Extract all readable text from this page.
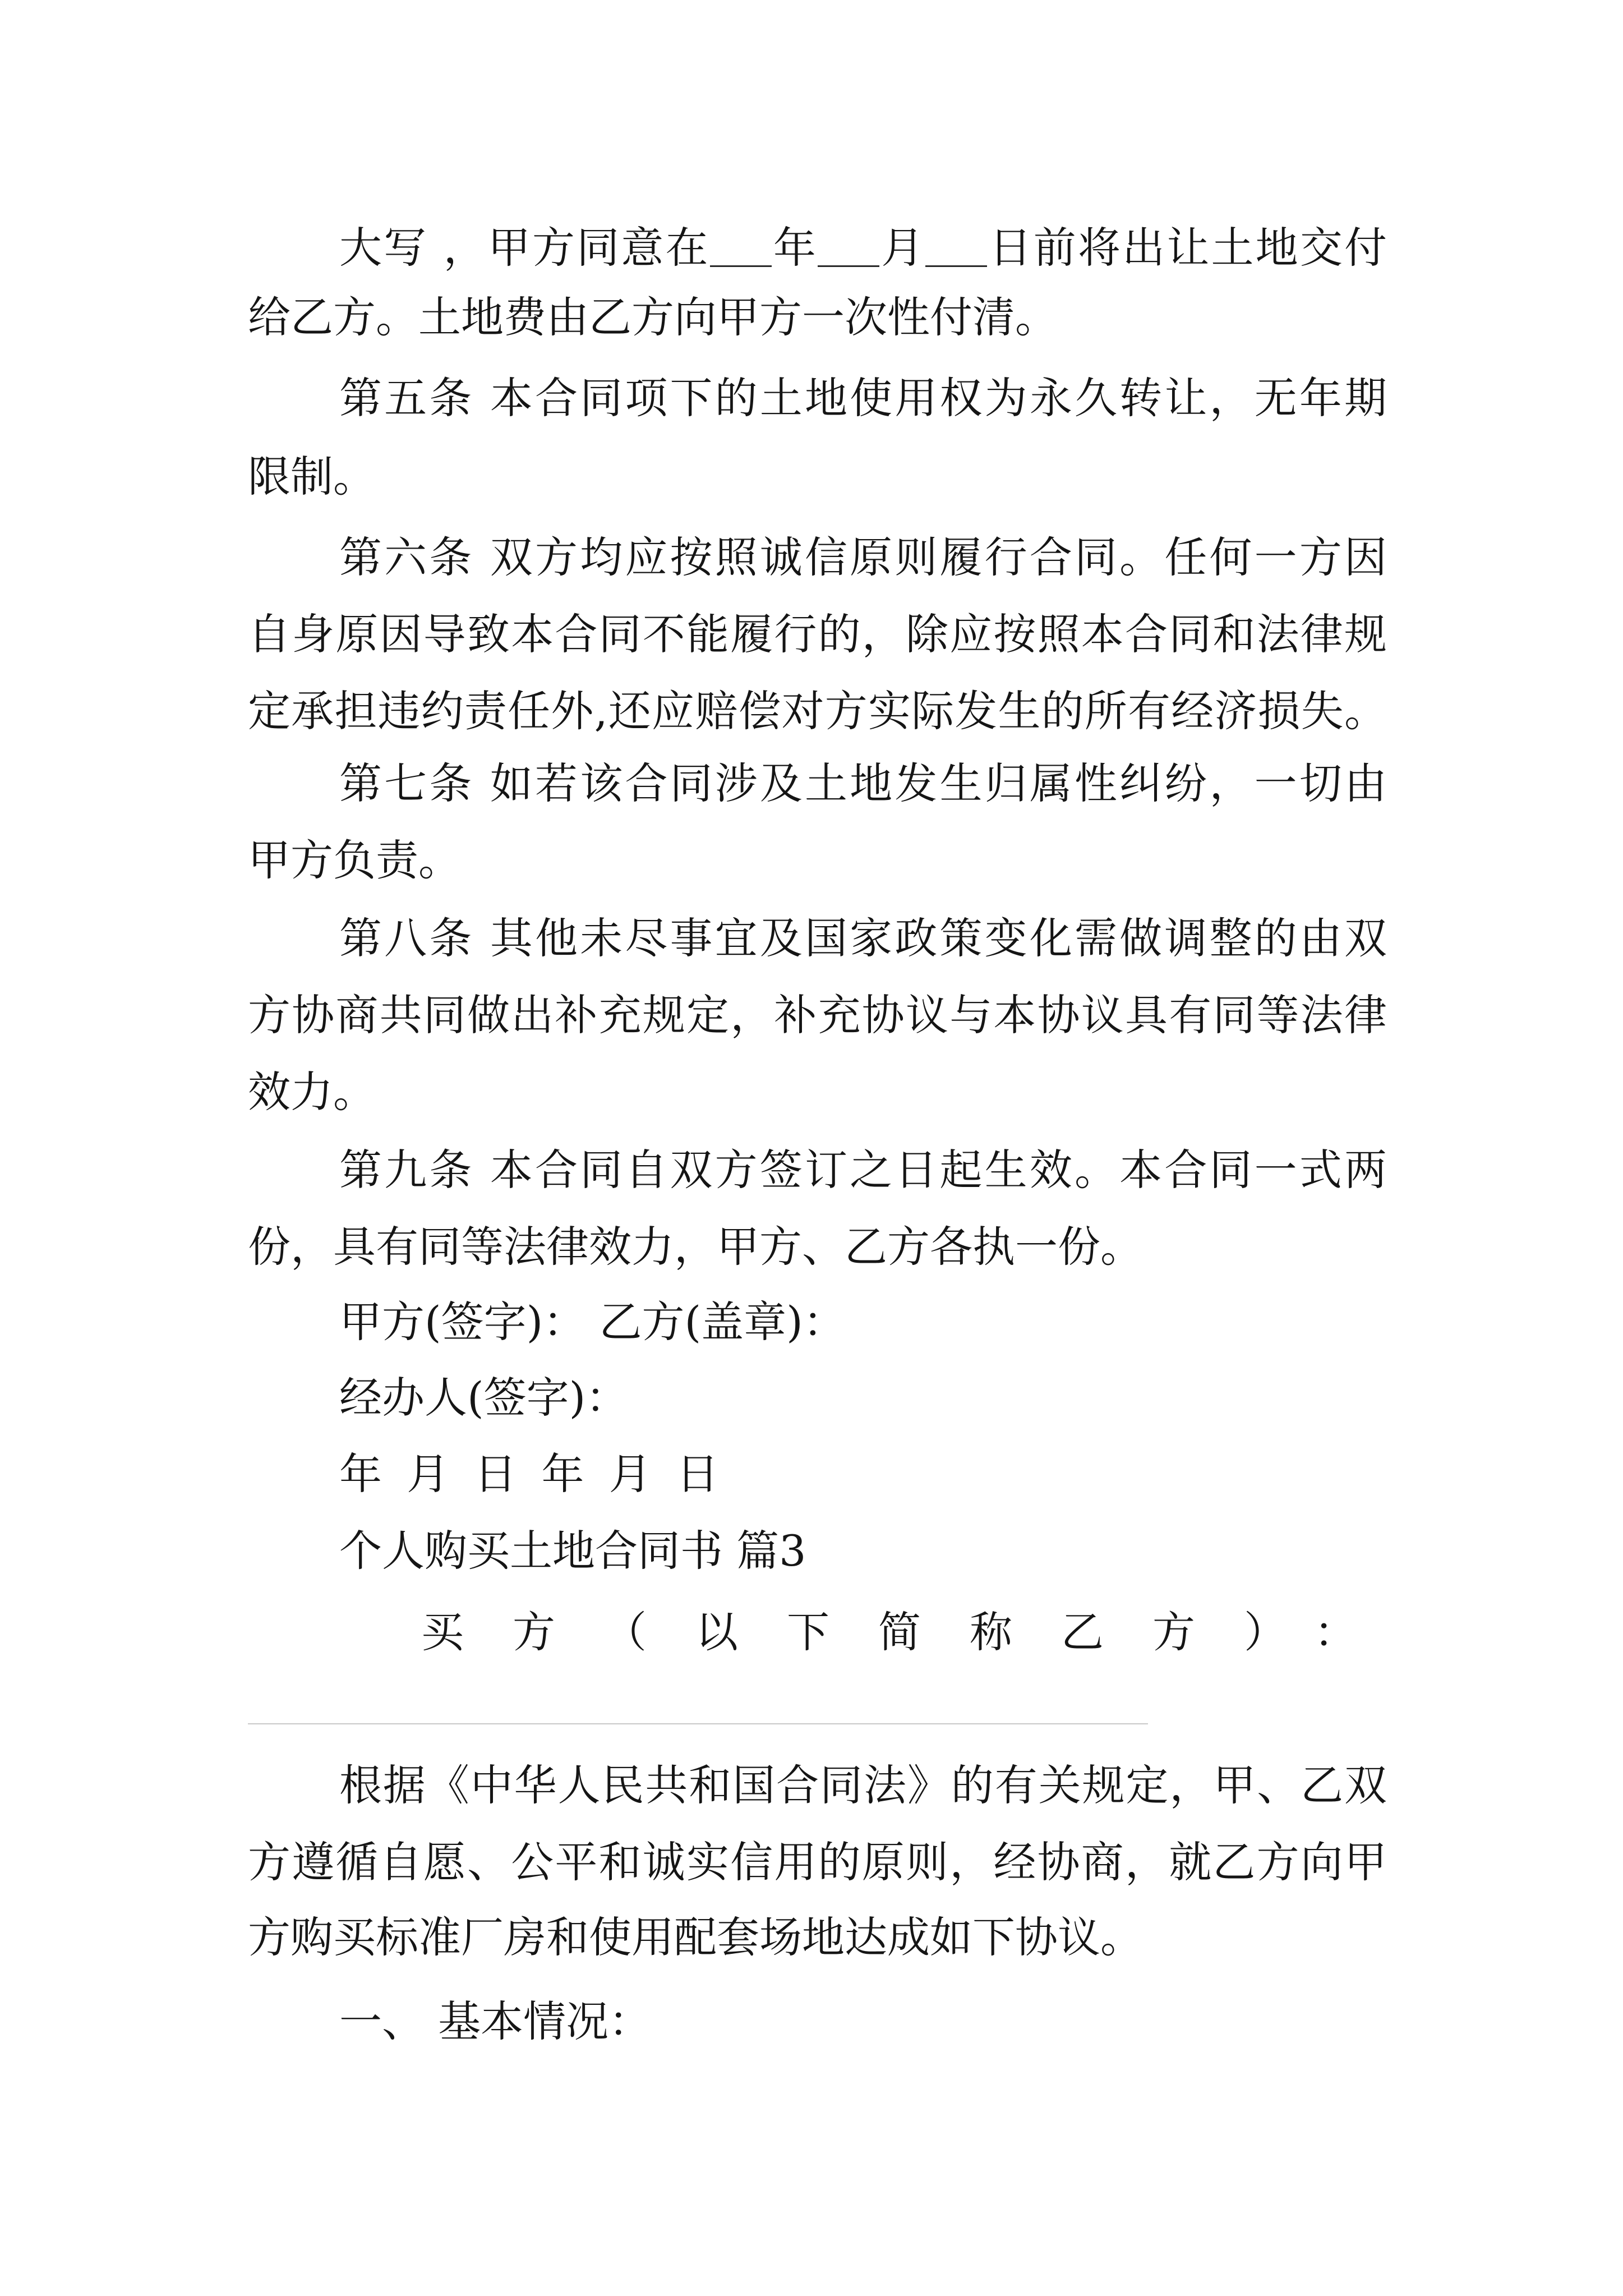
大写 ，甲方同意在 年 月 日前将出让土地交付
给乙方。土地费由乙方向甲方一次性付清。
第五条 本合同项下的土地使用权为永久转让，无年期
限制。
第六条 双方均应按照诚信原则履行合同。任何一方因
自身原因导致本合同不能履行的，除应按照本合同和法律规
定承担违约责任外,还应赔偿对方实际发生的所有经济损失。
第七条 如若该合同涉及土地发生归属性纠纷，一切由
甲方负责。
第八条 其他未尽事宜及国家政策变化需做调整的由双
方协商共同做出补充规定，补充协议与本协议具有同等法律
效力。
第九条 本合同自双方签订之日起生效。本合同一式两
份，具有同等法律效力，甲方、乙方各执一份。
甲方(签字)： 乙方(盖章)：
经办人(签字)：
年 月 日 年 月 日
个人购买土地合同书 篇3
买方（以下简称乙方）：
根据《中华人民共和国合同法》的有关规定，甲、乙双
方遵循自愿、公平和诚实信用的原则，经协商，就乙方向甲
方购买标准厂房和使用配套场地达成如下协议。
一、 基本情况：
